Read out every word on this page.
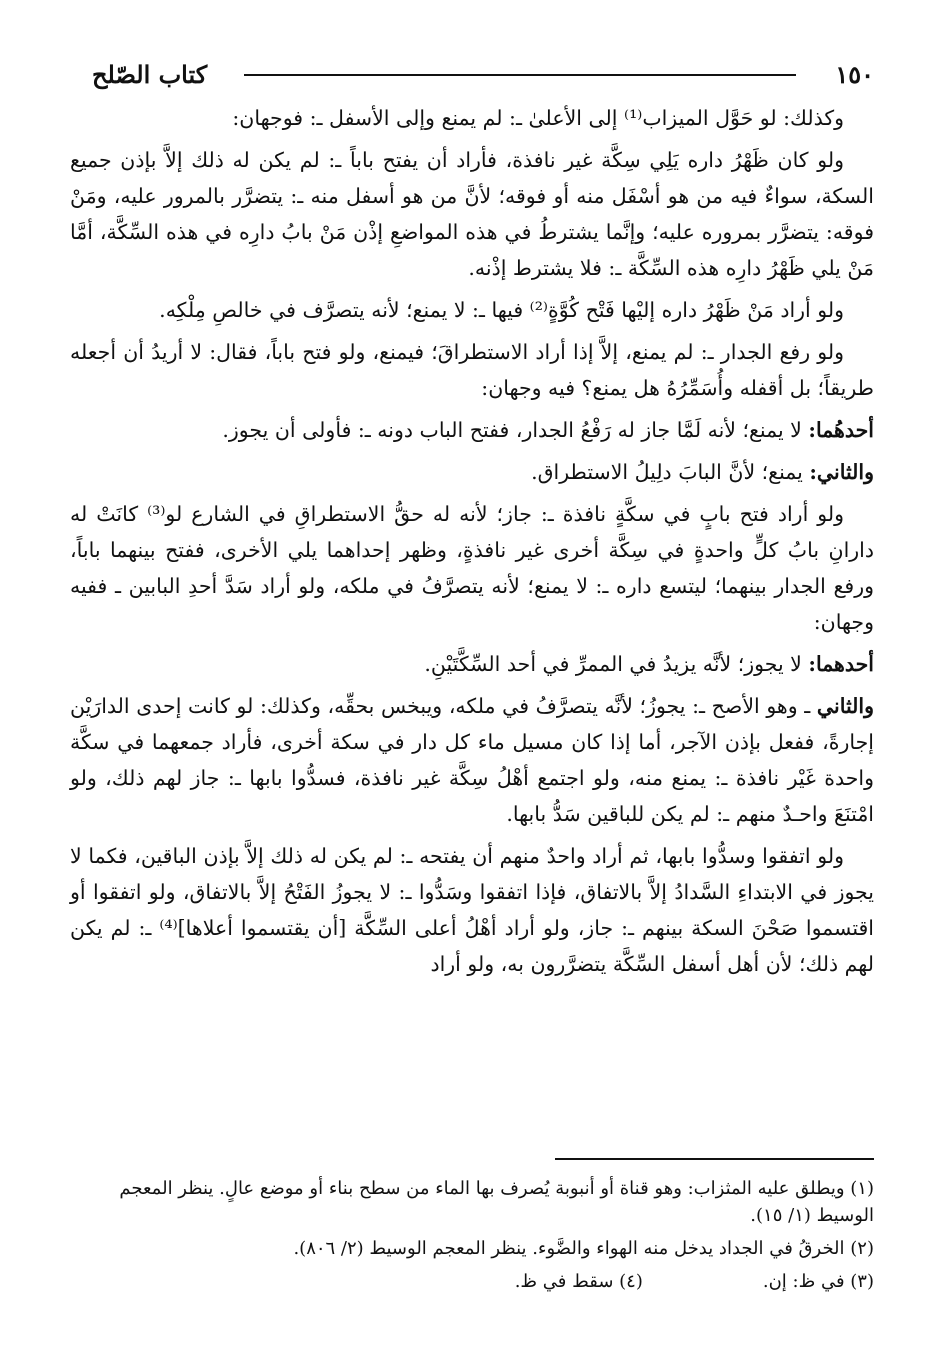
١٥٠
كتاب الصّلح

وكذلك: لو حَوَّل الميزاب⁽¹⁾ إلى الأعلىٰ ـ: لم يمنع وإلى الأسفل ـ: فوجهان:

ولو كان ظَهْرُ داره يَلِي سِكَّة غير نافذة، فأراد أن يفتح باباً ـ: لم يكن له ذلك إلاَّ بإذن جميع السكة، سواءٌ فيه من هو أسْفَل منه أو فوقه؛ لأنَّ من هو أسفل منه ـ: يتضرَّر بالمرور عليه، ومَنْ فوقه: يتضرَّر بمروره عليه؛ وإنَّما يشترطُ في هذه المواضعِ إذْن مَنْ بابُ دارِه في هذه السِّكَّة، أمَّا مَنْ يلي ظَهْرُ دارِه هذه السِّكَّة ـ: فلا يشترط إذْنه.

ولو أراد مَنْ ظَهْرُ داره إليْها فَتْح كُوَّةٍ⁽²⁾ فيها ـ: لا يمنع؛ لأنه يتصرَّف في خالصِ مِلْكِه.

ولو رفع الجدار ـ: لم يمنع، إلاَّ إذا أراد الاستطراقَ؛ فيمنع، ولو فتح باباً، فقال: لا أريدُ أن أجعله طريقاً؛ بل أقفله وأُسَمِّرُهُ هل يمنع؟ فيه وجهان:

أحدهُما: لا يمنع؛ لأنه لَمَّا جاز له رَفْعُ الجدار، ففتح الباب دونه ـ: فأولى أن يجوز.

والثاني: يمنع؛ لأنَّ البابَ دلِيلُ الاستطراق.

ولو أراد فتح بابٍ في سكَّةٍ نافذة ـ: جاز؛ لأنه له حقُّ الاستطراقِ في الشارع لو⁽³⁾ كانَتْ له دارانِ بابُ كلٍّ واحدةٍ في سِكَّة أخرى غير نافذةٍ، وظهر إحداهما يلي الأخرى، ففتح بينهما باباً، ورفع الجدار بينهما؛ ليتسع داره ـ: لا يمنع؛ لأنه يتصرَّفُ في ملكه، ولو أراد سَدَّ أحدِ البابين ـ ففيه وجهان:

أحدهما: لا يجوز؛ لأنَّه يزيدُ في الممرِّ في أحد السِّكَّتَيْنِ.

والثاني ـ وهو الأصح ـ: يجوزُ؛ لأنَّه يتصرَّفُ في ملكه، ويبخس بحقِّه، وكذلك: لو كانت إحدى الدارَيْن إجارةً، ففعل بإذن الآجر، أما إذا كان مسيل ماء كل دار في سكة أخرى، فأراد جمعهما في سكَّة واحدة غَيْر نافذة ـ: يمنع منه، ولو اجتمع أهْلُ سِكَّة غير نافذة، فسدُّوا بابها ـ: جاز لهم ذلك، ولو امْتنَعَ واحـدٌ منهم ـ: لم يكن للباقين سَدُّ بابها.

ولو اتفقوا وسدُّوا بابها، ثم أراد واحدٌ منهم أن يفتحه ـ: لم يكن له ذلك إلاَّ بإذن الباقين، فكما لا يجوز في الابتداءِ السَّدادُ إلاَّ بالاتفاق، فإذا اتفقوا وسَدُّوا ـ: لا يجوزُ الفَتْحُ إلاَّ بالاتفاق، ولو اتفقوا أو اقتسموا صَحْنَ السكة بينهم ـ: جاز، ولو أراد أهْلُ أعلى السِّكَّة [أن يقتسموا أعلاها]⁽⁴⁾ ـ: لم يكن لهم ذلك؛ لأن أهل أسفل السِّكَّة يتضرَّرون به، ولو أراد

(١) ويطلق عليه المثزاب: وهو قناة أو أنبوبة يُصرف بها الماء من سطح بناء أو موضع عالٍ. ينظر المعجم الوسيط (١/ ١٥).

(٢) الخرقُ في الجداد يدخل منه الهواء والضَّوء. ينظر المعجم الوسيط (٢/ ٨٠٦).

(٣) في ظ: إن.
(٤) سقط في ظ.
